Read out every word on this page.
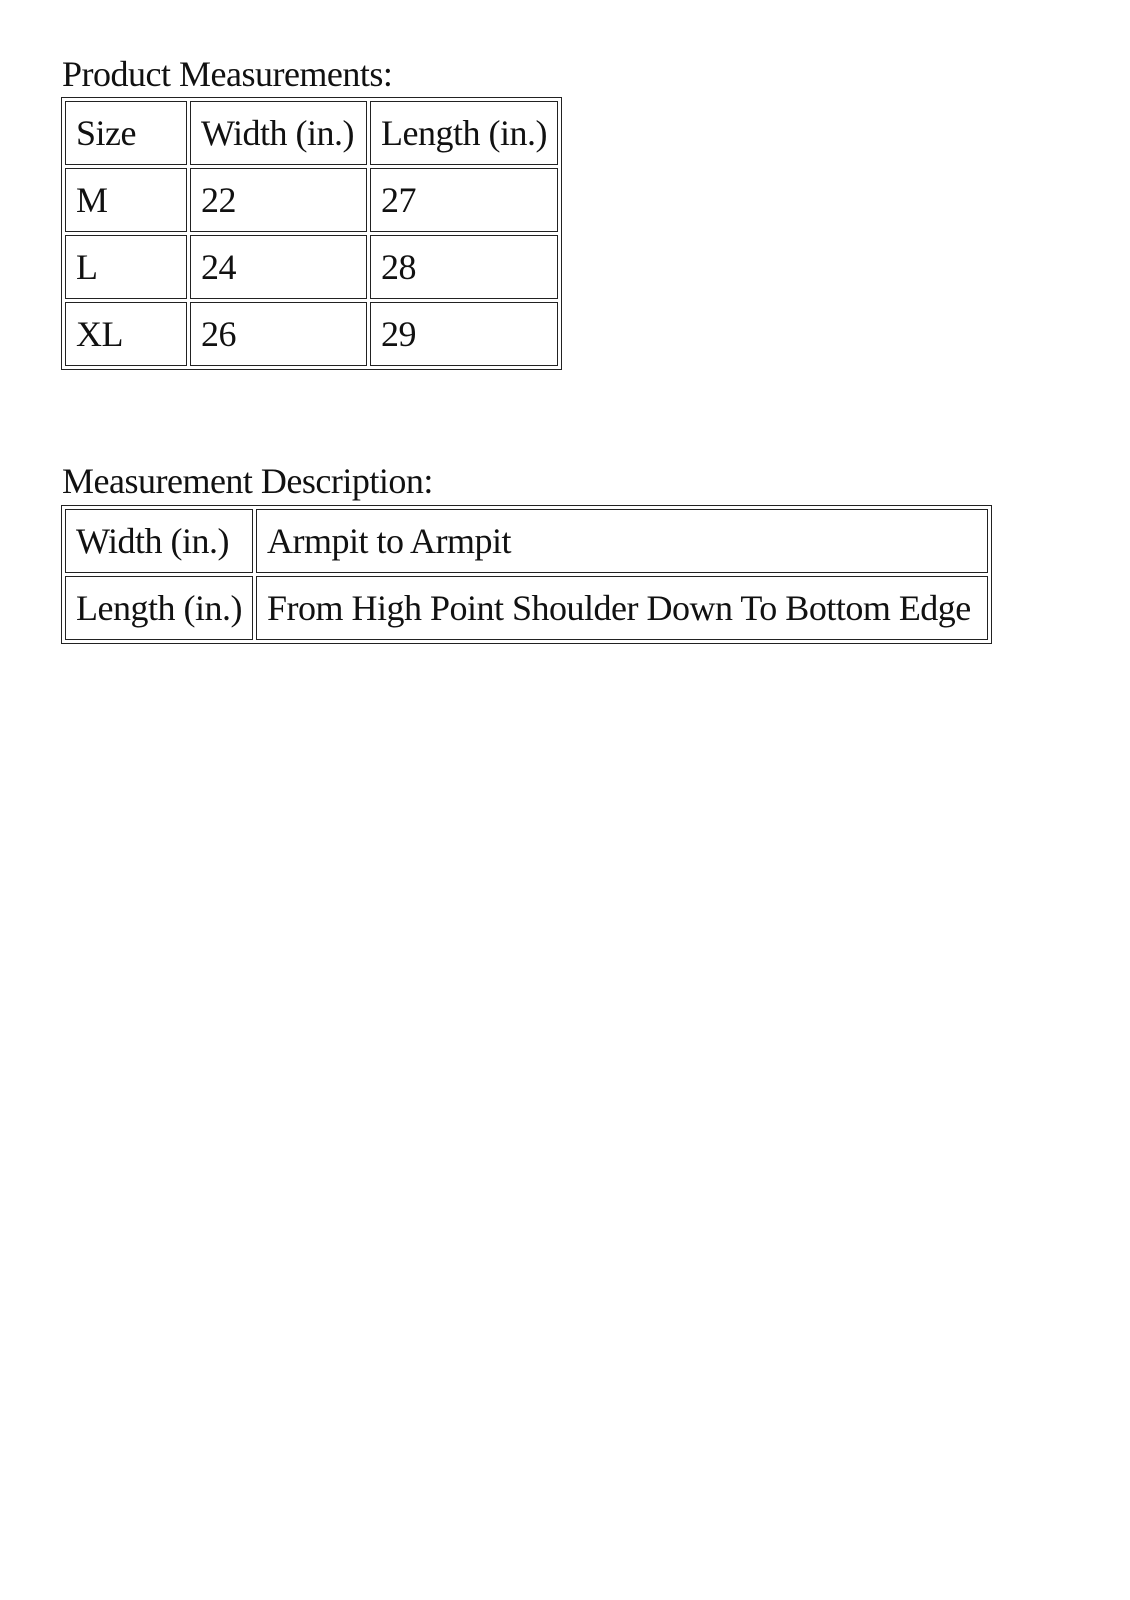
Product Measurements:
Size	Width (in.)	Length (in.)
M	22	27
L	24	28
XL	26	29
Measurement Description:
Width (in.)	Armpit to Armpit
Length (in.)	From High Point Shoulder Down To Bottom Edge
